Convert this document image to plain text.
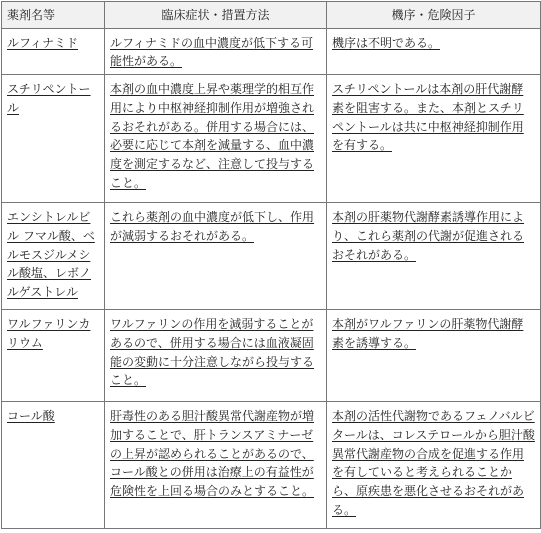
薬剤名等	臨床症状・措置方法	機序・危険因子
ルフィナミド	ルフィナミドの血中濃度が低下する可能性がある。	機序は不明である。
スチリペントール	本剤の血中濃度上昇や薬理学的相互作用により中枢神経抑制作用が増強されるおそれがある。併用する場合には、必要に応じて本剤を減量する、血中濃度を測定するなど、注意して投与すること。	スチリペントールは本剤の肝代謝酵素を阻害する。また、本剤とスチリペントールは共に中枢神経抑制作用を有する。
エンシトレルビル フマル酸、ベルモスジルメシル酸塩、レボノルゲストレル	これら薬剤の血中濃度が低下し、作用が減弱するおそれがある。	本剤の肝薬物代謝酵素誘導作用により、これら薬剤の代謝が促進されるおそれがある。
ワルファリンカリウム	ワルファリンの作用を減弱することがあるので、併用する場合には血液凝固能の変動に十分注意しながら投与すること。	本剤がワルファリンの肝薬物代謝酵素を誘導する。
コール酸	肝毒性のある胆汁酸異常代謝産物が増加することで、肝トランスアミナーゼの上昇が認められることがあるので、コール酸との併用は治療上の有益性が危険性を上回る場合のみとすること。	本剤の活性代謝物であるフェノバルビタールは、コレステロールから胆汁酸異常代謝産物の合成を促進する作用を有していると考えられることから、原疾患を悪化させるおそれがある。
